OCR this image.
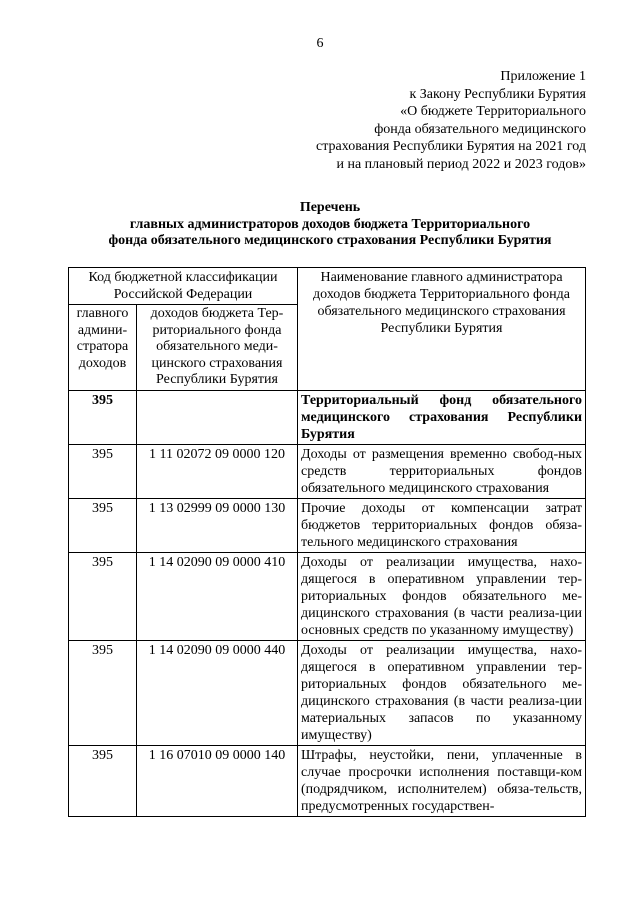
6
Приложение 1
к Закону Республики Бурятия
«О бюджете Территориального
фонда обязательного медицинского
страхования Республики Бурятия на 2021 год
и на плановый период 2022 и 2023 годов»
Перечень
главных администраторов доходов бюджета Территориального
фонда обязательного медицинского страхования Республики Бурятия
Код бюджетной классификации Российской Федерации		Наименование главного администратора доходов бюджета Территориального фонда обязательного медицинского страхования Республики Бурятия
главного админи-стратора доходов	доходов бюджета Тер-риториального фонда обязательного меди-цинского страхования Республики Бурятия	
395		Территориальный фонд обязательного медицинского страхования Республики Бурятия
395	1 11 02072 09 0000 120	Доходы от размещения временно свобод-ных средств территориальных фондов обязательного медицинского страхования
395	1 13 02999 09 0000 130	Прочие доходы от компенсации затрат бюджетов территориальных фондов обяза-тельного медицинского страхования
395	1 14 02090 09 0000 410	Доходы от реализации имущества, нахо-дящегося в оперативном управлении тер-риториальных фондов обязательного ме-дицинского страхования (в части реализа-ции основных средств по указанному имуществу)
395	1 14 02090 09 0000 440	Доходы от реализации имущества, нахо-дящегося в оперативном управлении тер-риториальных фондов обязательного ме-дицинского страхования (в части реализа-ции материальных запасов по указанному имуществу)
395	1 16 07010 09 0000 140	Штрафы, неустойки, пени, уплаченные в случае просрочки исполнения поставщи-ком (подрядчиком, исполнителем) обяза-тельств, предусмотренных государствен-
